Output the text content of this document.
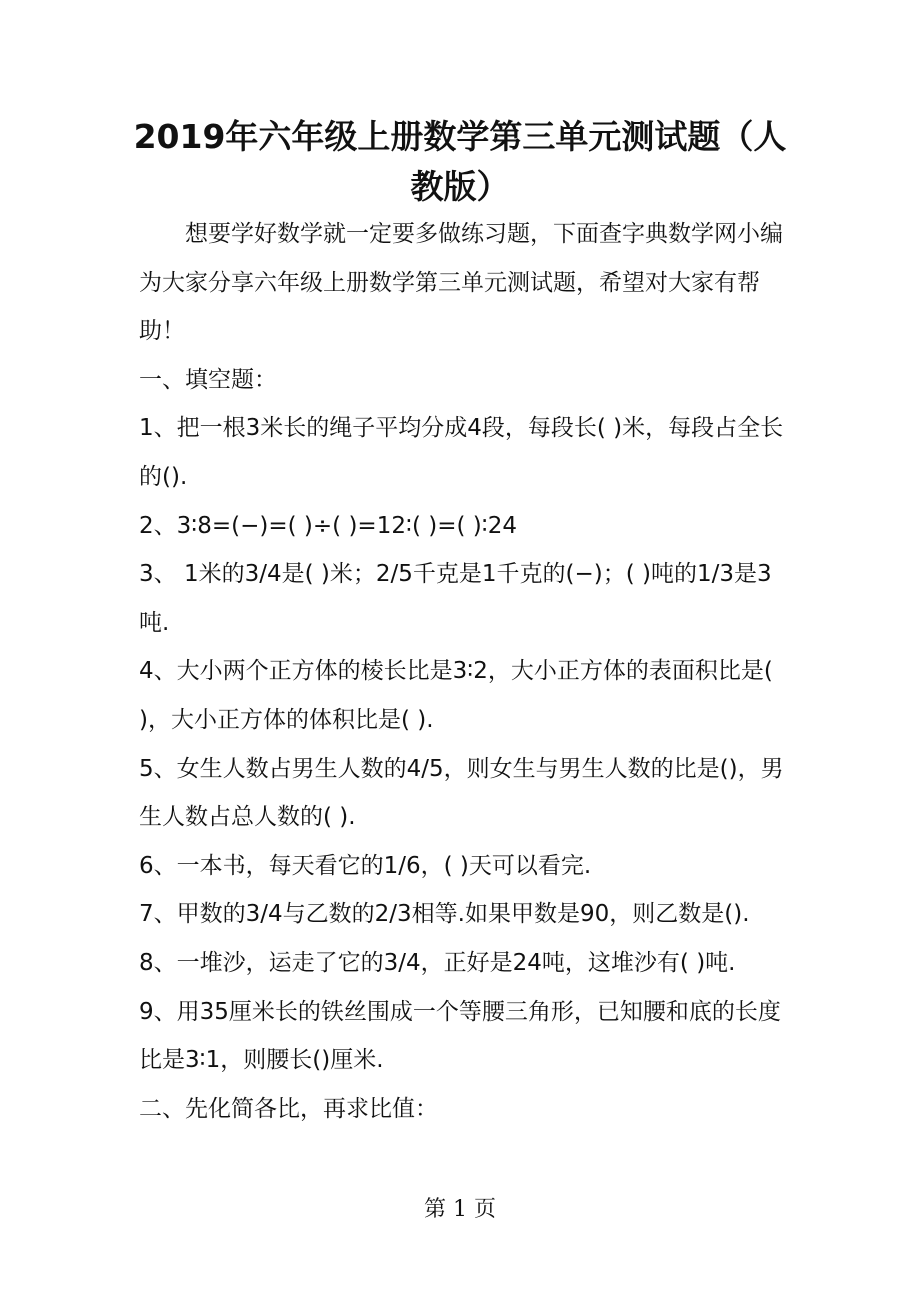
2019年六年级上册数学第三单元测试题（人教版）

想要学好数学就一定要多做练习题，下面查字典数学网小编为大家分享六年级上册数学第三单元测试题，希望对大家有帮助！

一、填空题：

1、把一根3米长的绳子平均分成4段，每段长( )米，每段占全长的().

2、3∶8=(−)=( )÷( )=12∶( )=( )∶24

3、 1米的3/4是( )米；2/5千克是1千克的(−)；( )吨的1/3是3吨.

4、大小两个正方体的棱长比是3∶2，大小正方体的表面积比是( )，大小正方体的体积比是( ).

5、女生人数占男生人数的4/5，则女生与男生人数的比是()，男生人数占总人数的( ).

6、一本书，每天看它的1/6，( )天可以看完.

7、甲数的3/4与乙数的2/3相等.如果甲数是90，则乙数是().

8、一堆沙，运走了它的3/4，正好是24吨，这堆沙有( )吨.

9、用35厘米长的铁丝围成一个等腰三角形，已知腰和底的长度比是3∶1，则腰长()厘米.

二、先化简各比，再求比值：

第 1 页
